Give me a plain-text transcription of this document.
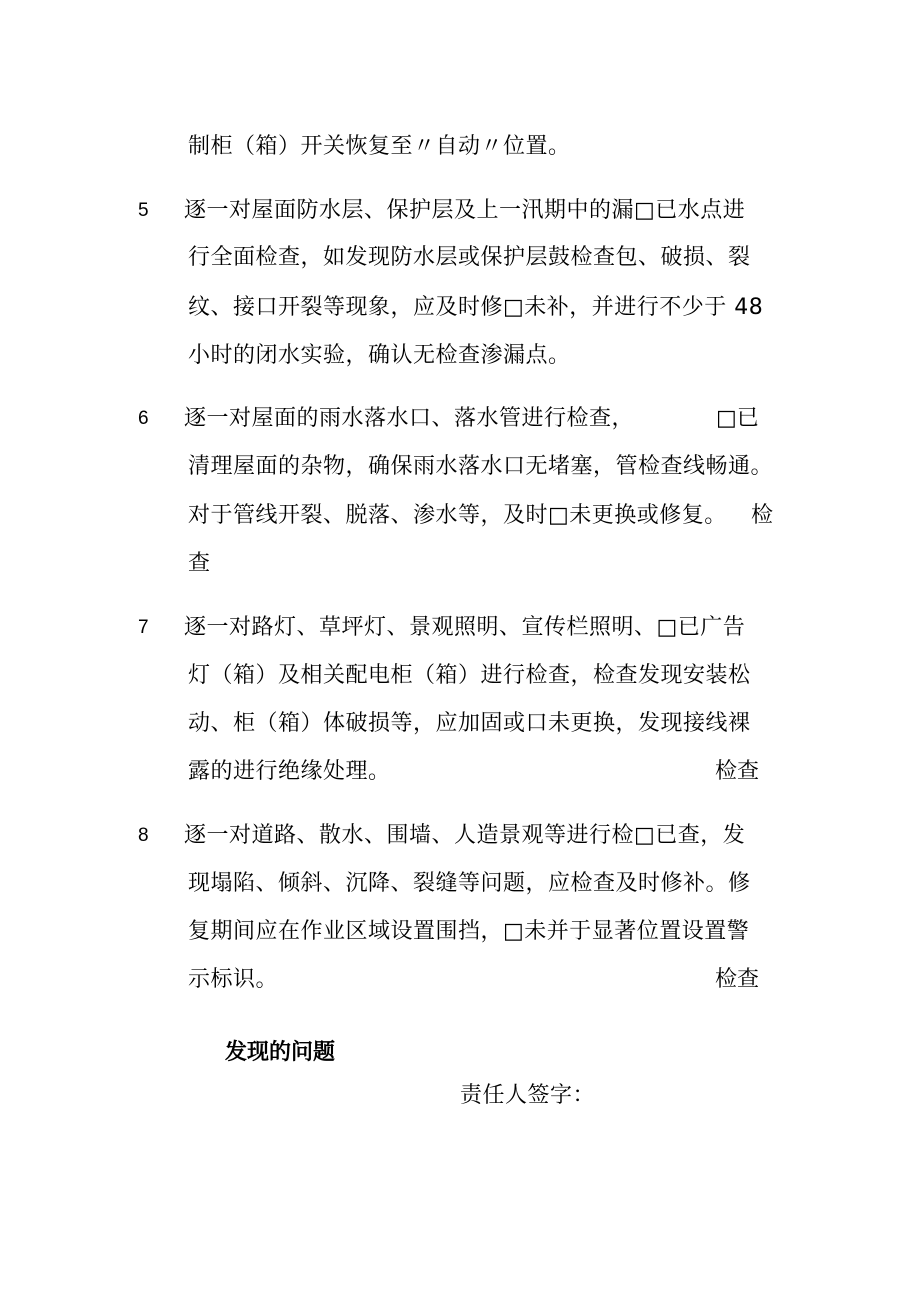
制柜（箱）开关恢复至〃自动〃位置。
5 逐一对屋面防水层、保护层及上一汛期中的漏□已水点进
行全面检查，如发现防水层或保护层鼓检查包、破损、裂
纹、接口开裂等现象，应及时修□未补，并进行不少于 48
小时的闭水实验，确认无检查渗漏点。
6 逐一对屋面的雨水落水口、落水管进行检查，	□已
清理屋面的杂物，确保雨水落水口无堵塞，管检查线畅通。
对于管线开裂、脱落、渗水等，及时□未更换或修复。 检
查
7 逐一对路灯、草坪灯、景观照明、宣传栏照明、□已广告
灯（箱）及相关配电柜（箱）进行检查，检查发现安装松
动、柜（箱）体破损等，应加固或口未更换，发现接线裸
露的进行绝缘处理。	检查
8 逐一对道路、散水、围墙、人造景观等进行检□已查，发
现塌陷、倾斜、沉降、裂缝等问题，应检查及时修补。修
复期间应在作业区域设置围挡，□未并于显著位置设置警
示标识。	检查
发现的问题
责任人签字：
